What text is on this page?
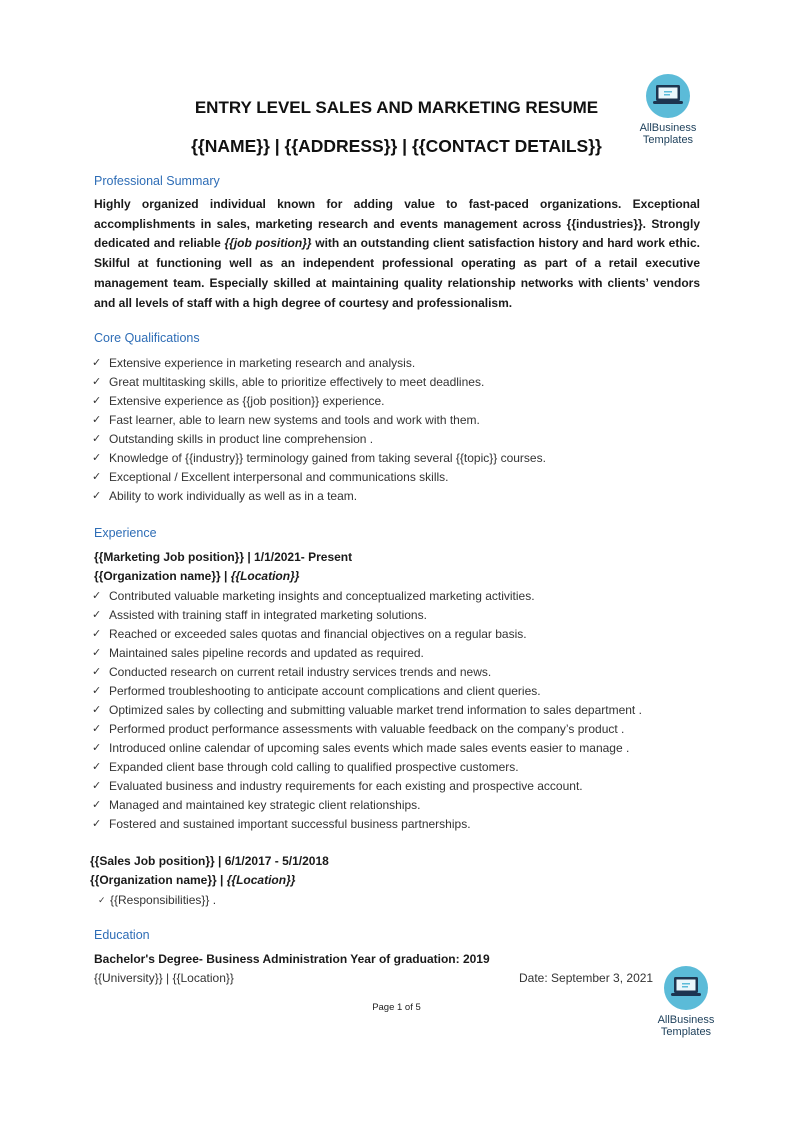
AllBusiness
Templates
ENTRY LEVEL SALES AND MARKETING RESUME
{{NAME}} | {{ADDRESS}} | {{CONTACT DETAILS}}
Professional Summary
Highly organized individual known for adding value to fast-paced organizations. Exceptional accomplishments in sales, marketing research and events management across {{industries}}. Strongly dedicated and reliable {{job position}} with an outstanding client satisfaction history and hard work ethic. Skilful at functioning well as an independent professional operating as part of a retail executive management team. Especially skilled at maintaining quality relationship networks with clients’ vendors and all levels of staff with a high degree of courtesy and professionalism.
Core Qualifications
✓ Extensive experience in marketing research and analysis.
✓ Great multitasking skills, able to prioritize effectively to meet deadlines.
✓ Extensive experience as {{job position}} experience.
✓ Fast learner, able to learn new systems and tools and work with them.
✓ Outstanding skills in product line comprehension .
✓ Knowledge of {{industry}} terminology gained from taking several {{topic}} courses.
✓ Exceptional / Excellent interpersonal and communications skills.
✓ Ability to work individually as well as in a team.
Experience
{{Marketing Job position}} | 1/1/2021- Present
{{Organization name}} | {{Location}}
✓ Contributed valuable marketing insights and conceptualized marketing activities.
✓ Assisted with training staff in integrated marketing solutions.
✓ Reached or exceeded sales quotas and financial objectives on a regular basis.
✓ Maintained sales pipeline records and updated as required.
✓ Conducted research on current retail industry services trends and news.
✓ Performed troubleshooting to anticipate account complications and client queries.
✓ Optimized sales by collecting and submitting valuable market trend information to sales department .
✓ Performed product performance assessments with valuable feedback on the company’s product .
✓ Introduced online calendar of upcoming sales events which made sales events easier to manage .
✓ Expanded client base through cold calling to qualified prospective customers.
✓ Evaluated business and industry requirements for each existing and prospective account.
✓ Managed and maintained key strategic client relationships.
✓ Fostered and sustained important successful business partnerships.
{{Sales Job position}} | 6/1/2017 - 5/1/2018
{{Organization name}} | {{Location}}
✓ {{Responsibilities}} .
Education
Bachelor's Degree- Business Administration Year of graduation: 2019
{{University}} | {{Location}}	Date: September 3, 2021
AllBusiness
Templates
Page 1 of 5
